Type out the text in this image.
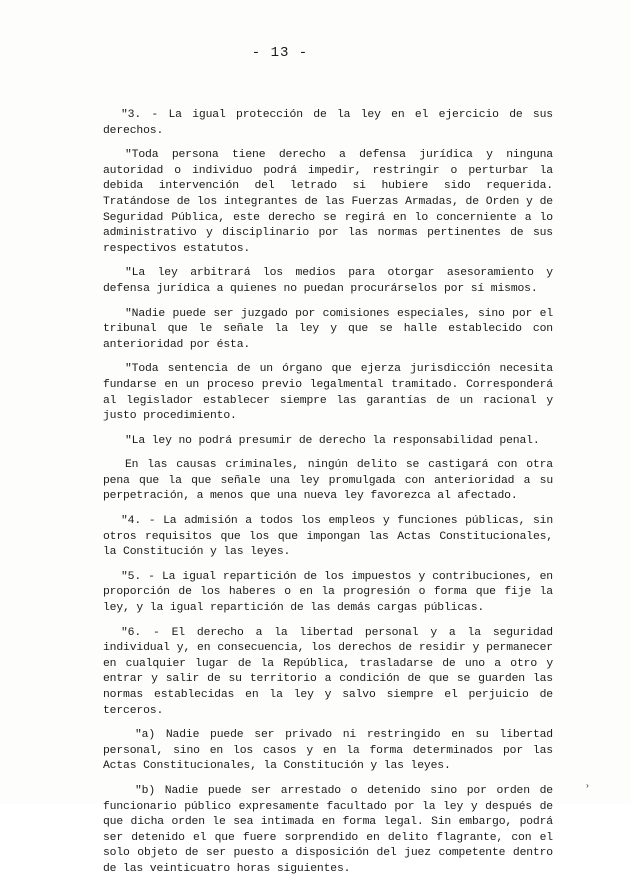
- 13 -

"3. - La igual protección de la ley en el ejercicio de sus derechos.

"Toda persona tiene derecho a defensa jurídica y ninguna autoridad o individuo podrá impedir, restringir o perturbar la debida intervención del letrado si hubiere sido requerida. Tratándose de los integrantes de las Fuerzas Armadas, de Orden y de Seguridad Pública, este derecho se regirá en lo concerniente a lo administrativo y disciplinario por las normas pertinentes de sus respectivos estatutos.

"La ley arbitrará los medios para otorgar asesoramiento y defensa jurídica a quienes no puedan procurárselos por sí mismos.

"Nadie puede ser juzgado por comisiones especiales, sino por el tribunal que le señale la ley y que se halle establecido con anterioridad por ésta.

"Toda sentencia de un órgano que ejerza jurisdicción necesita fundarse en un proceso previo legalmental tramitado. Corresponderá al legislador establecer siempre las garantías de un racional y justo procedimiento.

"La ley no podrá presumir de derecho la responsabilidad penal.

En las causas criminales, ningún delito se castigará con otra pena que la que señale una ley promulgada con anterioridad a su perpetración, a menos que una nueva ley favorezca al afectado.

"4. - La admisión a todos los empleos y funciones públicas, sin otros requisitos que los que impongan las Actas Constitucionales, la Constitución y las leyes.

"5. - La igual repartición de los impuestos y contribuciones, en proporción de los haberes o en la progresión o forma que fije la ley, y la igual repartición de las demás cargas públicas.

"6. - El derecho a la libertad personal y a la seguridad individual y, en consecuencia, los derechos de residir y permanecer en cualquier lugar de la República, trasladarse de uno a otro y entrar y salir de su territorio a condición de que se guarden las normas establecidas en la ley y salvo siempre el perjuicio de terceros.

"a) Nadie puede ser privado ni restringido en su libertad personal, sino en los casos y en la forma determinados por las Actas Constitucionales, la Constitución y las leyes.

"b) Nadie puede ser arrestado o detenido sino por orden de funcionario público expresamente facultado por la ley y después de que dicha orden le sea intimada en forma legal. Sin embargo, podrá ser detenido el que fuere sorprendido en delito flagrante, con el solo objeto de ser puesto a disposición del juez competente dentro de las veinticuatro horas siguientes.

›
